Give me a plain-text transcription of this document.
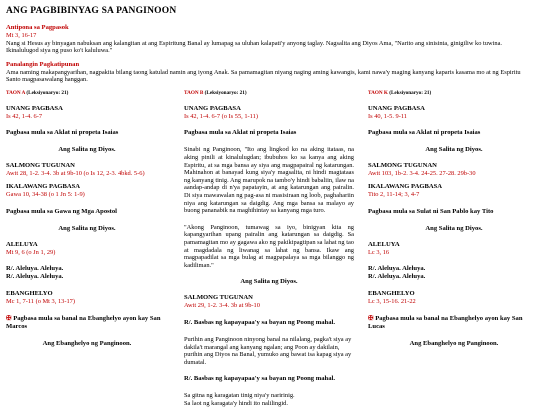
ANG PAGBIBINYAG SA PANGINOON

Antipona sa Pagpasok

Mt 3, 16-17

Nang si Hesus ay binyagan nabuksan ang kalangitan at ang Espiritung Banal ay lumapag sa uluhan kalapati'y anyong taglay. Nagsalita ang Diyos Ama, "Narito ang sinisinta, ginigiliw ko tuwina. Ikinalulugod siya ng puso ko't kaluluwa."

Panalangin Pagkatipunan

Ama naming makapangyarihan, nagpakita bilang taong katulad namin ang iyong Anak. Sa pamamagitan niyang naging aming kawangis, kami nawa'y maging kanyang kaparis kasama mo at ng Espiritu Santo magpasawalang hanggan.

TAON A (Leksiyonaryo: 21)

UNANG PAGBASA

Is 42, 1-4. 6-7

Pagbasa mula sa Aklat ni propeta Isaias

Ang Salita ng Diyos.

SALMONG TUGUNAN

Awit 28, 1-2. 3-4. 3b at 9b-10 (o Is 12, 2-3. 4bkd. 5-6)

IKALAWANG PAGBASA

Gawa 10, 34-38 (o 1 Jn 5: 1-9)

Pagbasa mula sa Gawa ng Mga Apostol

Ang Salita ng Diyos.

ALELUYA

Mt 9, 6 (o Jn 1, 29)

R/. Aleluya. Aleluya.

R/. Aleluya. Aleluya.

EBANGHELYO

Mc 1, 7-11 (o Mt 3, 13-17)

✠ Pagbasa mula sa banal na Ebanghelyo ayon kay San Marcos

Ang Ebanghelyo ng Panginoon.

TAON B (Leksiyonaryo: 21)

UNANG PAGBASA

Is 42, 1-4. 6-7 (o Is 55, 1-11)

Pagbasa mula sa Aklat ni propeta Isaias

Sinabi ng Panginoon, "Ito ang lingkod ko na aking itataas, na aking pinili at kinalulugdan; ibubuhos ko sa kanya ang aking Espiritu, at sa mga bansa ay siya ang magpapairal ng katarungan. Mahinahon at banayad kung siya'y magsalita, ni hindi magtataas ng kanyang tinig. Ang marupok na tambo'y hindi babaliin, ilaw na aandap-andap di n'ya papatayin, at ang katarungan ang pairalin. Di siya mawawalan ng pag-asa ni masisiraan ng loob, paghahariin niya ang katarungan sa daigdig. Ang mga bansa sa malayo ay buong pananabik na maghihintay sa kanyang mga turo.

"Akong Panginoon, tumawag sa iyo, binigyan kita ng kapangyarihan upang pairalin ang katarungan sa daigdig. Sa pamamagitan mo ay gagawa ako ng pakikipagtipan sa lahat ng tao at magdadala ng liwanag sa lahat ng bansa. Ikaw ang magpapadilat sa mga bulag at magpapalaya sa mga bilanggo ng kadiliman."

Ang Salita ng Diyos.

SALMONG TUGUNAN

Awit 29, 1-2. 3-4. 3b at 9b-10

R/. Basbas ng kapayapaa'y sa bayan ng Poong mahal.

Purihin ang Panginoon ninyong banal na nilalang, pagka't siya ay dakila't marangal ang kanyang ngalan; ang Poon ay dakilain, purihin ang Diyos na Banal, yumuko ang bawat isa kapag siya ay dumatal.

R/. Basbas ng kapayapaa'y sa bayan ng Poong mahal.

Sa gitna ng karagatan tinig niya'y naririnig.

Sa laot ng karagata'y hindi ito nalilingid.

TAON K (Leksiyonaryo: 21)

UNANG PAGBASA

Is 40, 1-5. 9-11

Pagbasa mula sa Aklat ni propeta Isaias

Ang Salita ng Diyos.

SALMONG TUGUNAN

Awit 103, 1b-2. 3-4. 24-25. 27-28. 29b-30

IKALAWANG PAGBASA

Tito 2, 11-14; 3, 4-7

Pagbasa mula sa Sulat ni San Pablo kay Tito

Ang Salita ng Diyos.

ALELUYA

Lc 3, 16

R/. Aleluya. Aleluya.

R/. Aleluya. Aleluya.

EBANGHELYO

Lc 3, 15-16. 21-22

✠ Pagbasa mula sa banal na Ebanghelyo ayon kay San Lucas

Ang Ebanghelyo ng Panginoon.
